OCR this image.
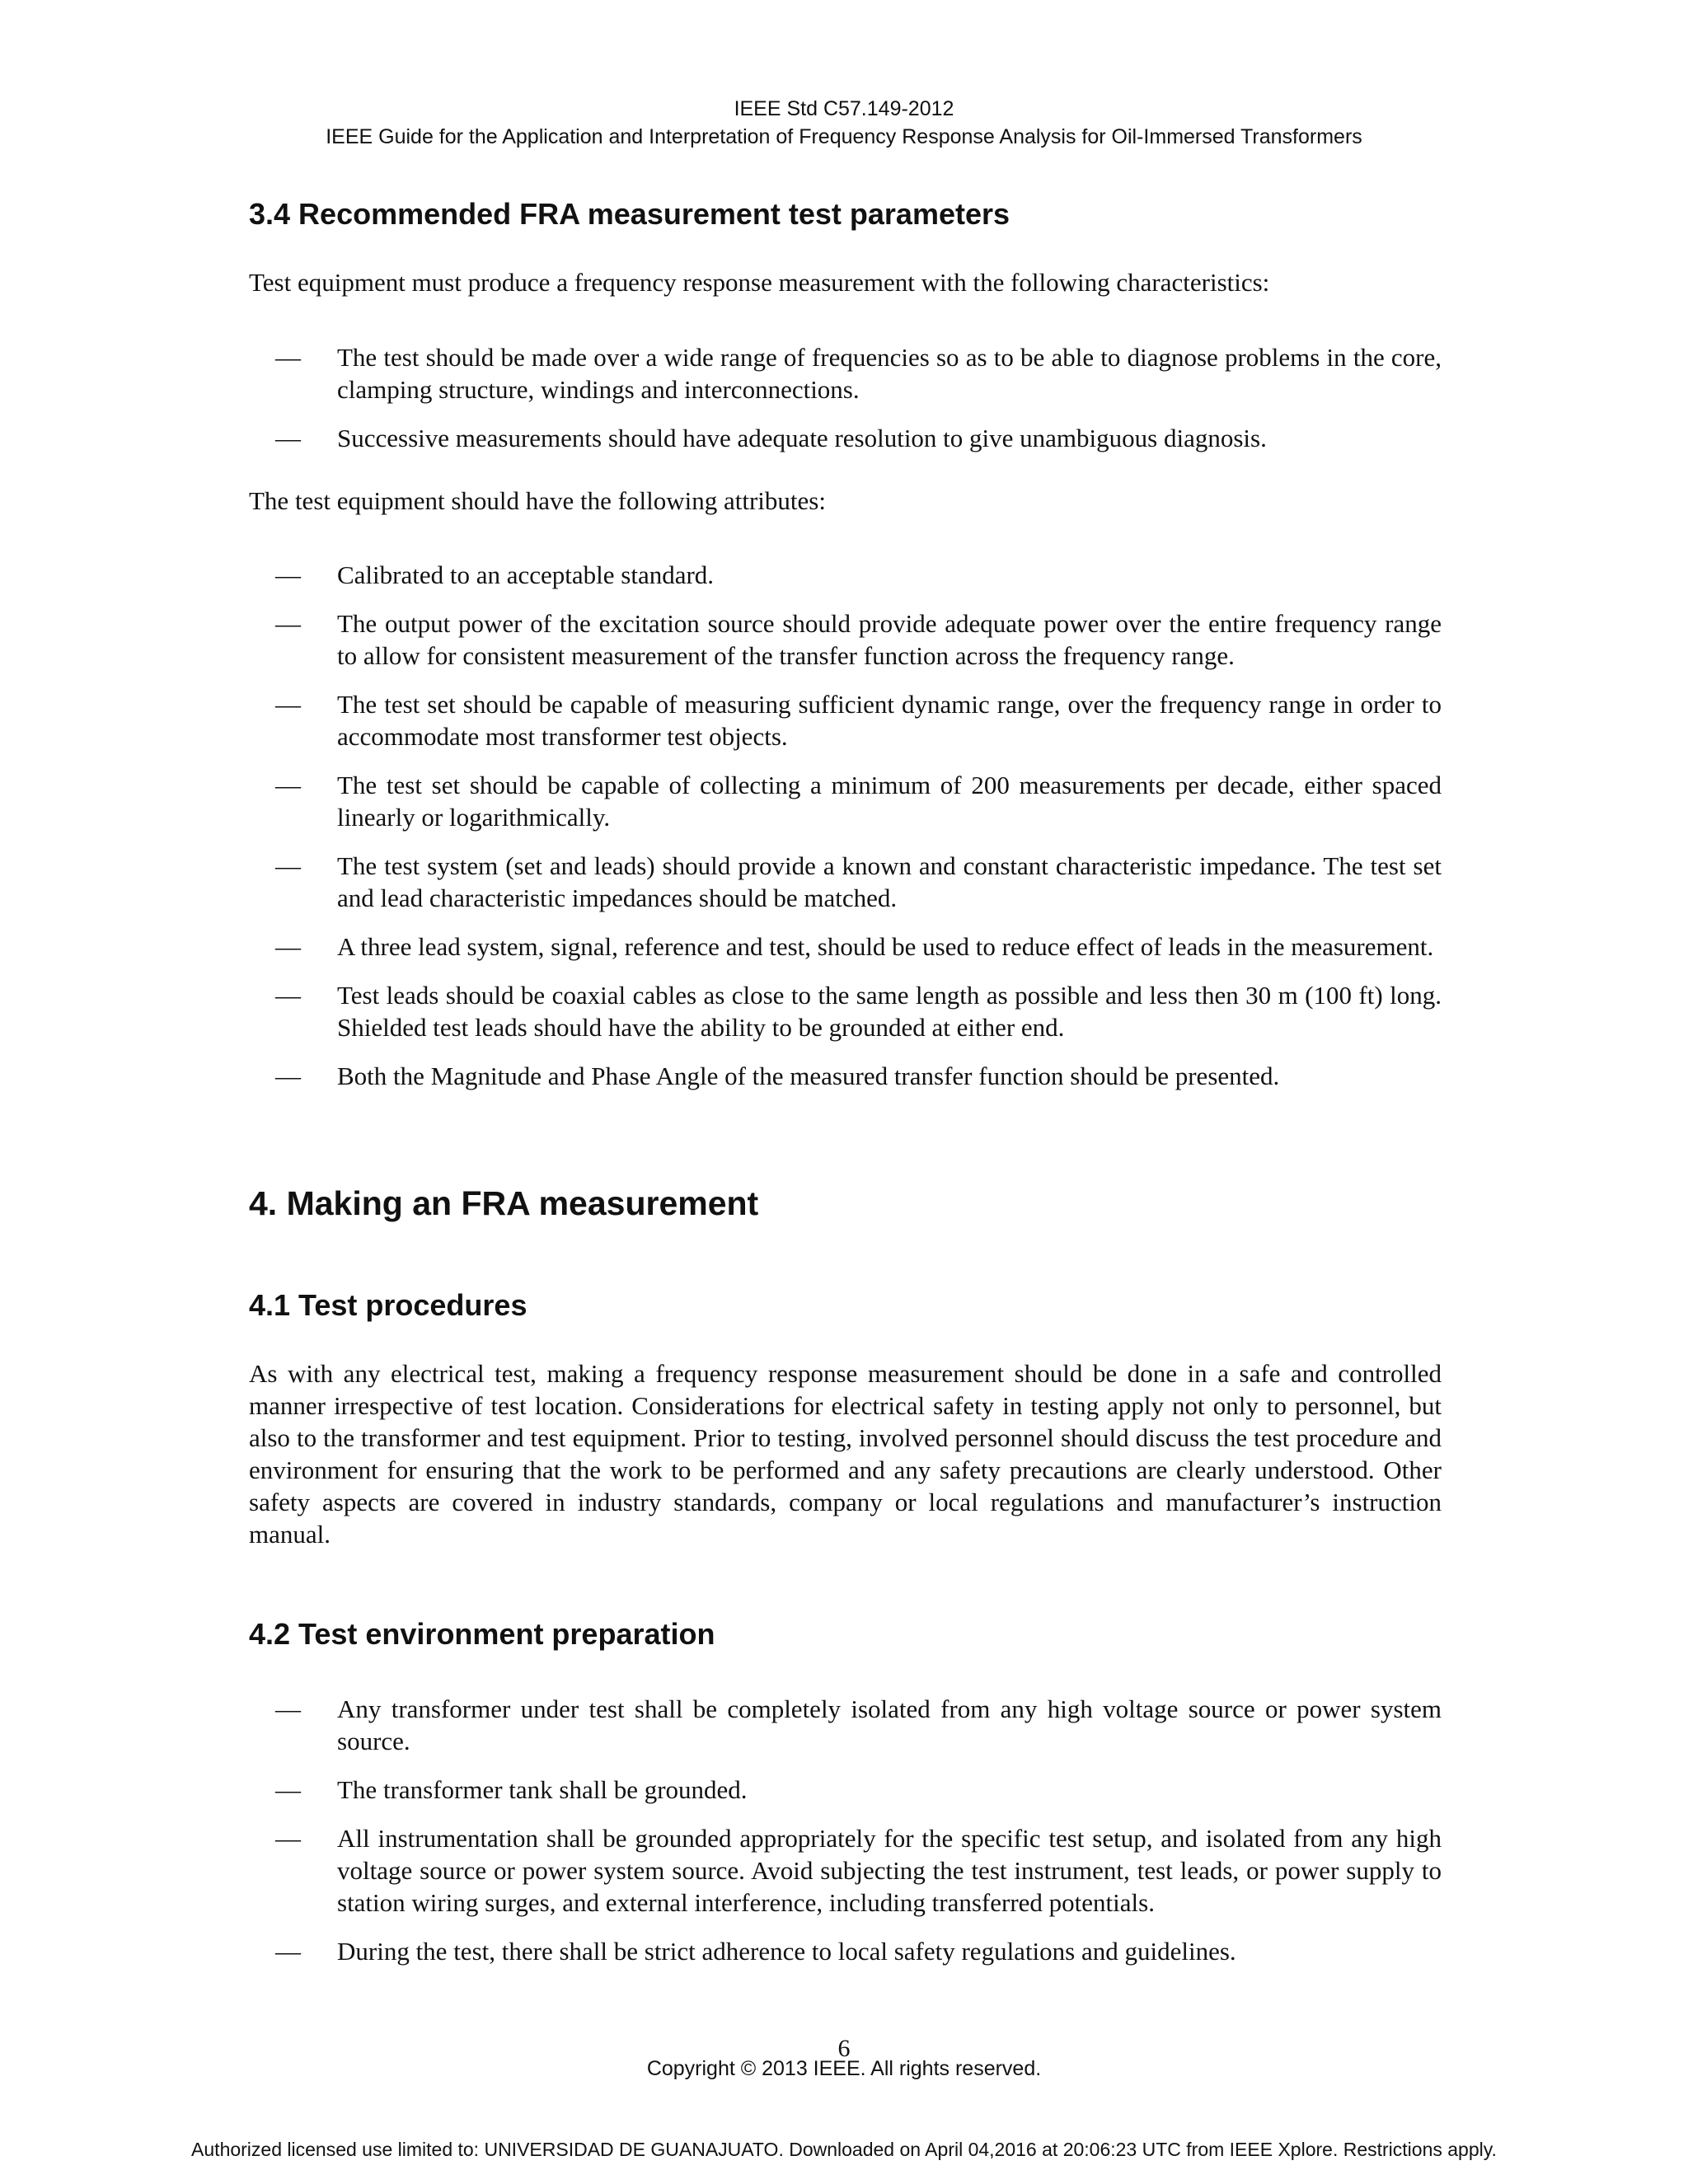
IEEE Std C57.149-2012
IEEE Guide for the Application and Interpretation of Frequency Response Analysis for Oil-Immersed Transformers
3.4 Recommended FRA measurement test parameters

Test equipment must produce a frequency response measurement with the following characteristics:

— The test should be made over a wide range of frequencies so as to be able to diagnose problems in the core, clamping structure, windings and interconnections.
— Successive measurements should have adequate resolution to give unambiguous diagnosis.

The test equipment should have the following attributes:

— Calibrated to an acceptable standard.
— The output power of the excitation source should provide adequate power over the entire frequency range to allow for consistent measurement of the transfer function across the frequency range.
— The test set should be capable of measuring sufficient dynamic range, over the frequency range in order to accommodate most transformer test objects.
— The test set should be capable of collecting a minimum of 200 measurements per decade, either spaced linearly or logarithmically.
— The test system (set and leads) should provide a known and constant characteristic impedance. The test set and lead characteristic impedances should be matched.
— A three lead system, signal, reference and test, should be used to reduce effect of leads in the measurement.
— Test leads should be coaxial cables as close to the same length as possible and less then 30 m (100 ft) long. Shielded test leads should have the ability to be grounded at either end.
— Both the Magnitude and Phase Angle of the measured transfer function should be presented.
4. Making an FRA measurement
4.1 Test procedures

As with any electrical test, making a frequency response measurement should be done in a safe and controlled manner irrespective of test location. Considerations for electrical safety in testing apply not only to personnel, but also to the transformer and test equipment. Prior to testing, involved personnel should discuss the test procedure and environment for ensuring that the work to be performed and any safety precautions are clearly understood. Other safety aspects are covered in industry standards, company or local regulations and manufacturer’s instruction manual.

4.2 Test environment preparation
— Any transformer under test shall be completely isolated from any high voltage source or power system source.
— The transformer tank shall be grounded.
— All instrumentation shall be grounded appropriately for the specific test setup, and isolated from any high voltage source or power system source. Avoid subjecting the test instrument, test leads, or power supply to station wiring surges, and external interference, including transferred potentials.
— During the test, there shall be strict adherence to local safety regulations and guidelines.
6
Copyright © 2013 IEEE. All rights reserved.
Authorized licensed use limited to: UNIVERSIDAD DE GUANAJUATO. Downloaded on April 04,2016 at 20:06:23 UTC from IEEE Xplore. Restrictions apply.
